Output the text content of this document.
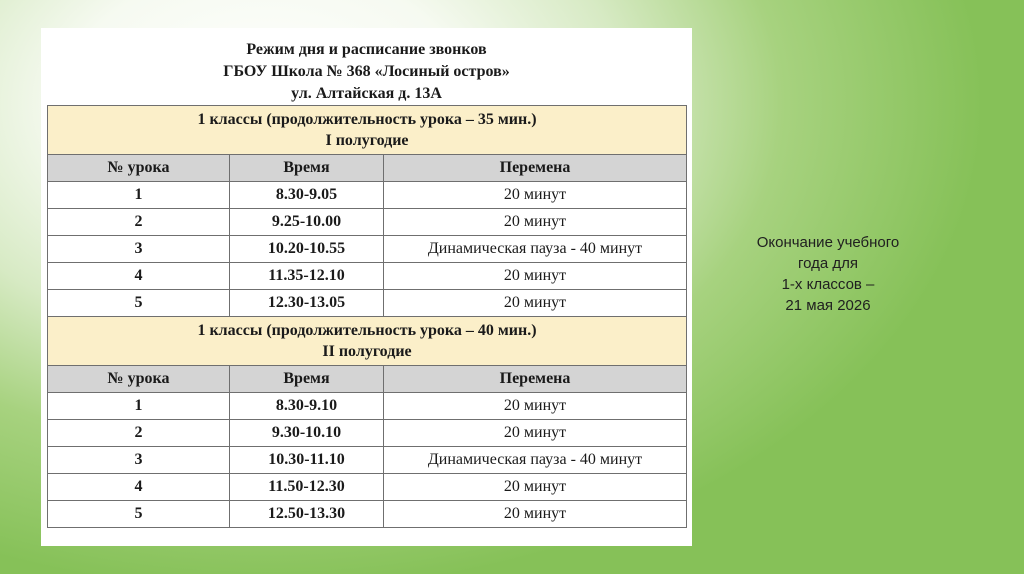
Режим дня и расписание звонков
ГБОУ Школа № 368 «Лосиный остров»
ул. Алтайская д. 13А
1 классы (продолжительность урока – 35 мин.)
I полугодие		

№ урока	Время	Перемена
1	8.30-9.05	20 минут
2	9.25-10.00	20 минут
3	10.20-10.55	Динамическая пауза - 40 минут
4	11.35-12.10	20 минут
5	12.30-13.05	20 минут

1 классы (продолжительность урока – 40 мин.)
II полугодие		

№ урока	Время	Перемена
1	8.30-9.10	20 минут
2	9.30-10.10	20 минут
3	10.30-11.10	Динамическая пауза - 40 минут
4	11.50-12.30	20 минут
5	12.50-13.30	20 минут
Окончание учебного
года для
1-х классов –
21 мая 2026
